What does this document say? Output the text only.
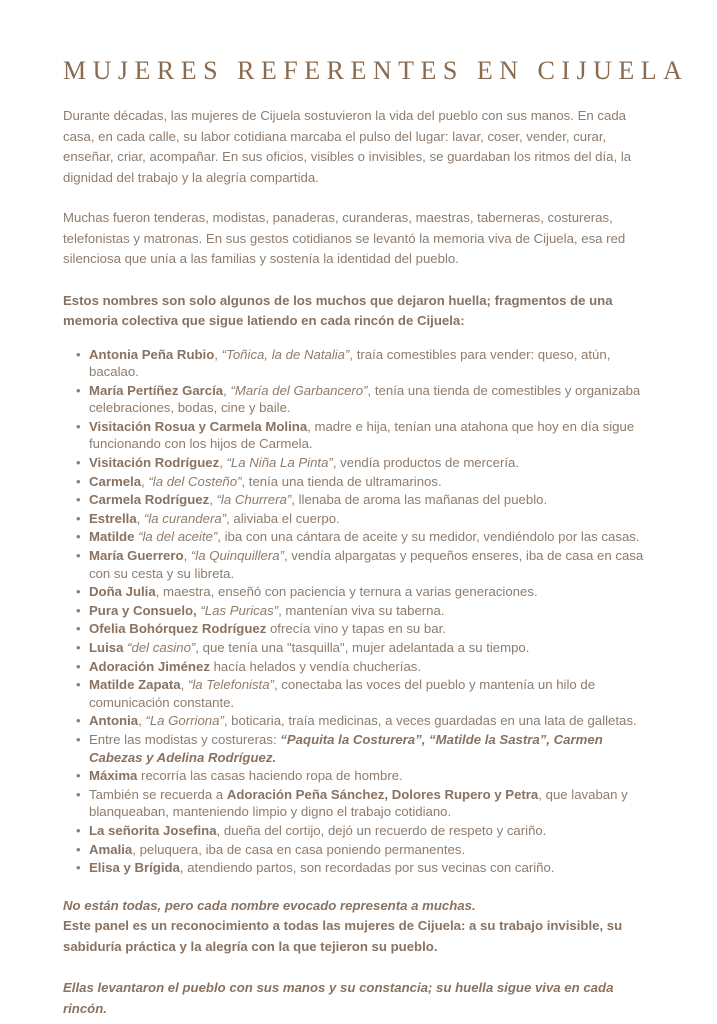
MUJERES REFERENTES EN CIJUELA

Durante décadas, las mujeres de Cijuela sostuvieron la vida del pueblo con sus manos. En cada casa, en cada calle, su labor cotidiana marcaba el pulso del lugar: lavar, coser, vender, curar, enseñar, criar, acompañar. En sus oficios, visibles o invisibles, se guardaban los ritmos del día, la dignidad del trabajo y la alegría compartida.

Muchas fueron tenderas, modistas, panaderas, curanderas, maestras, taberneras, costureras, telefonistas y matronas. En sus gestos cotidianos se levantó la memoria viva de Cijuela, esa red silenciosa que unía a las familias y sostenía la identidad del pueblo.

Estos nombres son solo algunos de los muchos que dejaron huella; fragmentos de una memoria colectiva que sigue latiendo en cada rincón de Cijuela:

• Antonia Peña Rubio, “Toñica, la de Natalia”, traía comestibles para vender: queso, atún, bacalao.
• María Pertíñez García, “María del Garbancero”, tenía una tienda de comestibles y organizaba celebraciones, bodas, cine y baile.
• Visitación Rosua y Carmela Molina, madre e hija, tenían una atahona que hoy en día sigue funcionando con los hijos de Carmela.
• Visitación Rodríguez, “La Niña La Pinta”, vendía productos de mercería.
• Carmela, “la del Costeño”, tenía una tienda de ultramarinos.
• Carmela Rodríguez, “la Churrera”, llenaba de aroma las mañanas del pueblo.
• Estrella, “la curandera”, aliviaba el cuerpo.
• Matilde “la del aceite”, iba con una cántara de aceite y su medidor, vendiéndolo por las casas.
• María Guerrero, “la Quinquillera”, vendía alpargatas y pequeños enseres, iba de casa en casa con su cesta y su libreta.
• Doña Julia, maestra, enseñó con paciencia y ternura a varias generaciones.
• Pura y Consuelo, “Las Puricas”, mantenían viva su taberna.
• Ofelia Bohórquez Rodríguez ofrecía vino y tapas en su bar.
• Luisa “del casino”, que tenía una "tasquilla", mujer adelantada a su tiempo.
• Adoración Jiménez hacía helados y vendía chucherías.
• Matilde Zapata, “la Telefonista”, conectaba las voces del pueblo y mantenía un hilo de comunicación constante.
• Antonia, “La Gorriona”, boticaria, traía medicinas, a veces guardadas en una lata de galletas.
• Entre las modistas y costureras: “Paquita la Costurera”, “Matilde la Sastra”, Carmen Cabezas y Adelina Rodríguez.
• Máxima recorría las casas haciendo ropa de hombre.
• También se recuerda a Adoración Peña Sánchez, Dolores Rupero y Petra, que lavaban y blanqueaban, manteniendo limpio y digno el trabajo cotidiano.
• La señorita Josefina, dueña del cortijo, dejó un recuerdo de respeto y cariño.
• Amalia, peluquera, iba de casa en casa poniendo permanentes.
• Elisa y Brígida, atendiendo partos, son recordadas por sus vecinas con cariño.

No están todas, pero cada nombre evocado representa a muchas.

Este panel es un reconocimiento a todas las mujeres de Cijuela: a su trabajo invisible, su sabiduría práctica y la alegría con la que tejieron su pueblo.

Ellas levantaron el pueblo con sus manos y su constancia; su huella sigue viva en cada rincón.
